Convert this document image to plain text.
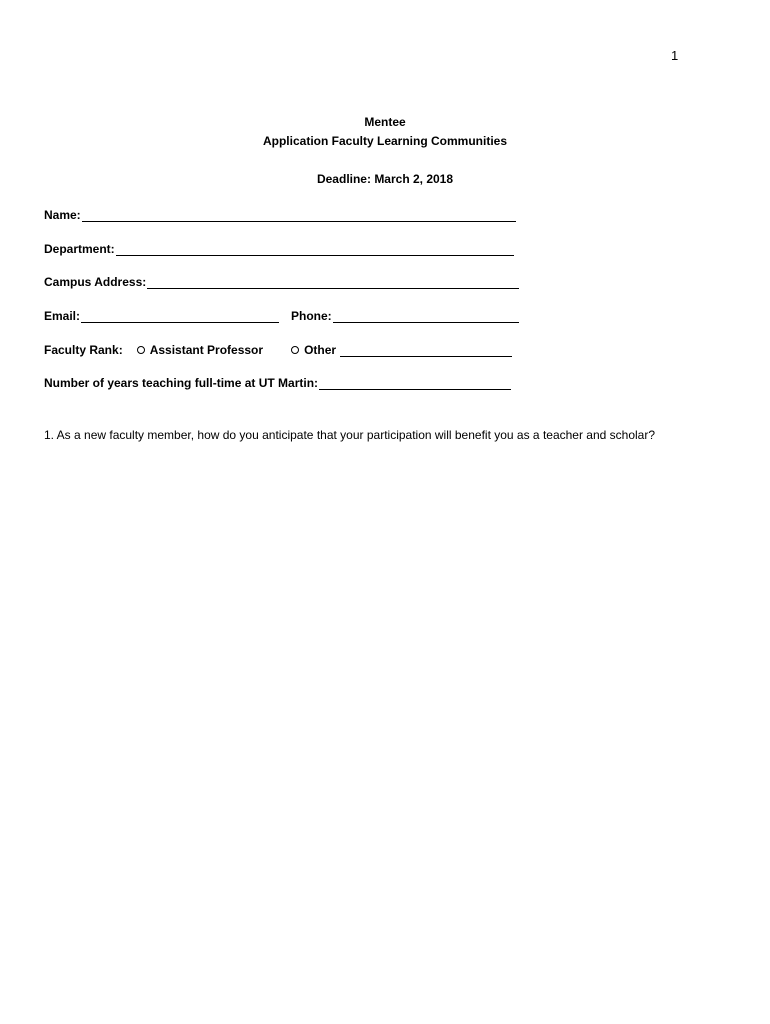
1
Mentee
Application Faculty Learning Communities
Deadline: March 2, 2018
Name:
Department:
Campus Address:
Email:	Phone:
Faculty Rank: Assistant Professor	Other
Number of years teaching full-time at UT Martin:
1. As a new faculty member, how do you anticipate that your participation will benefit you as a teacher and scholar?
